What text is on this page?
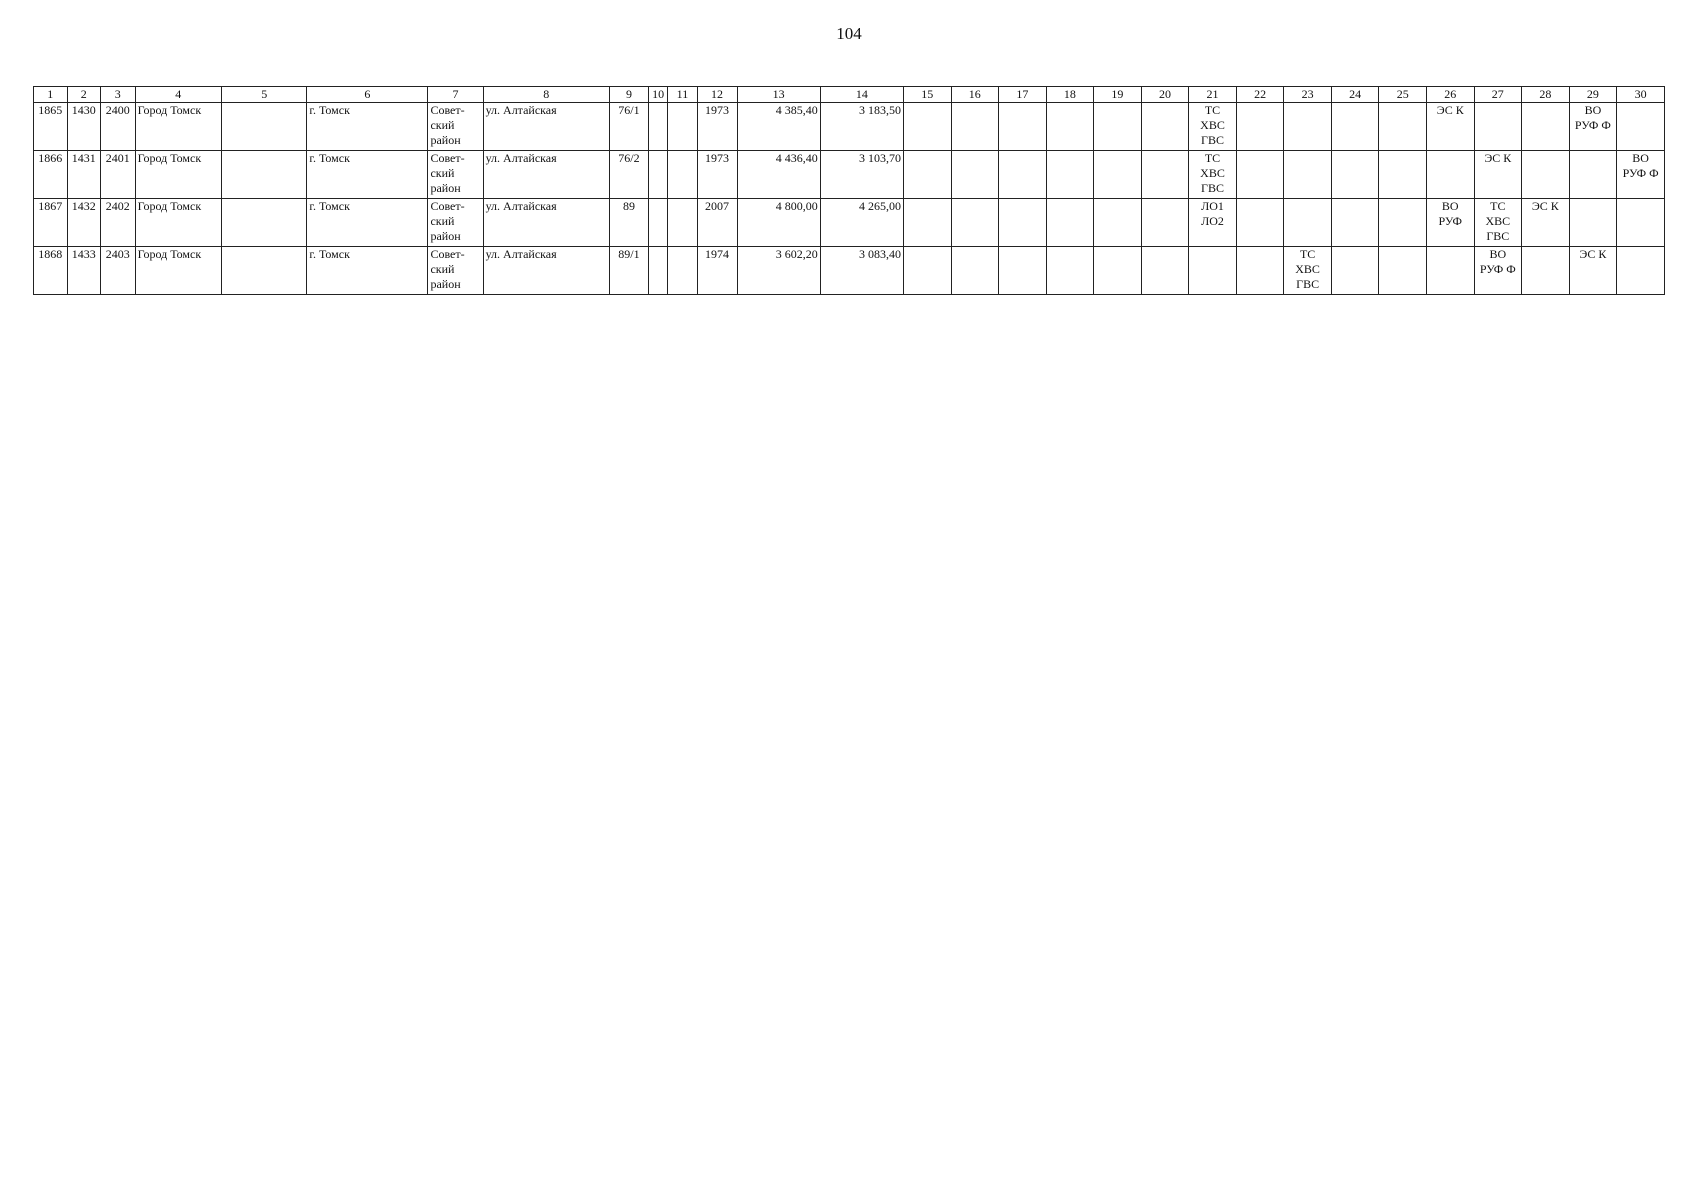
104
1	2	3	4	5	6	7	8	9	10	11	12	13	14	15	16	17	18	19	20	21	22	23	24	25	26	27	28	29	30
1865	1430	2400	Город Томск		г. Томск	Совет-
ский
район	ул. Алтайская	76/1			1973	4 385,40	3 183,50							ТС
ХВС
ГВС					ЭС К			ВО
РУФ Ф	

1866	1431	2401	Город Томск		г. Томск	Совет-
ский
район	ул. Алтайская	76/2			1973	4 436,40	3 103,70							ТС
ХВС
ГВС						ЭС К			ВО
РУФ Ф

1867	1432	2402	Город Томск		г. Томск	Совет-
ский
район	ул. Алтайская	89			2007	4 800,00	4 265,00							ЛО1
ЛО2					ВО
РУФ	ТС
ХВС
ГВС	ЭС К		
1868	1433	2403	Город Томск		г. Томск	Совет-
ский
район	ул. Алтайская	89/1			1974	3 602,20	3 083,40									ТС
ХВС
ГВС				ВО
РУФ Ф		ЭС К	
